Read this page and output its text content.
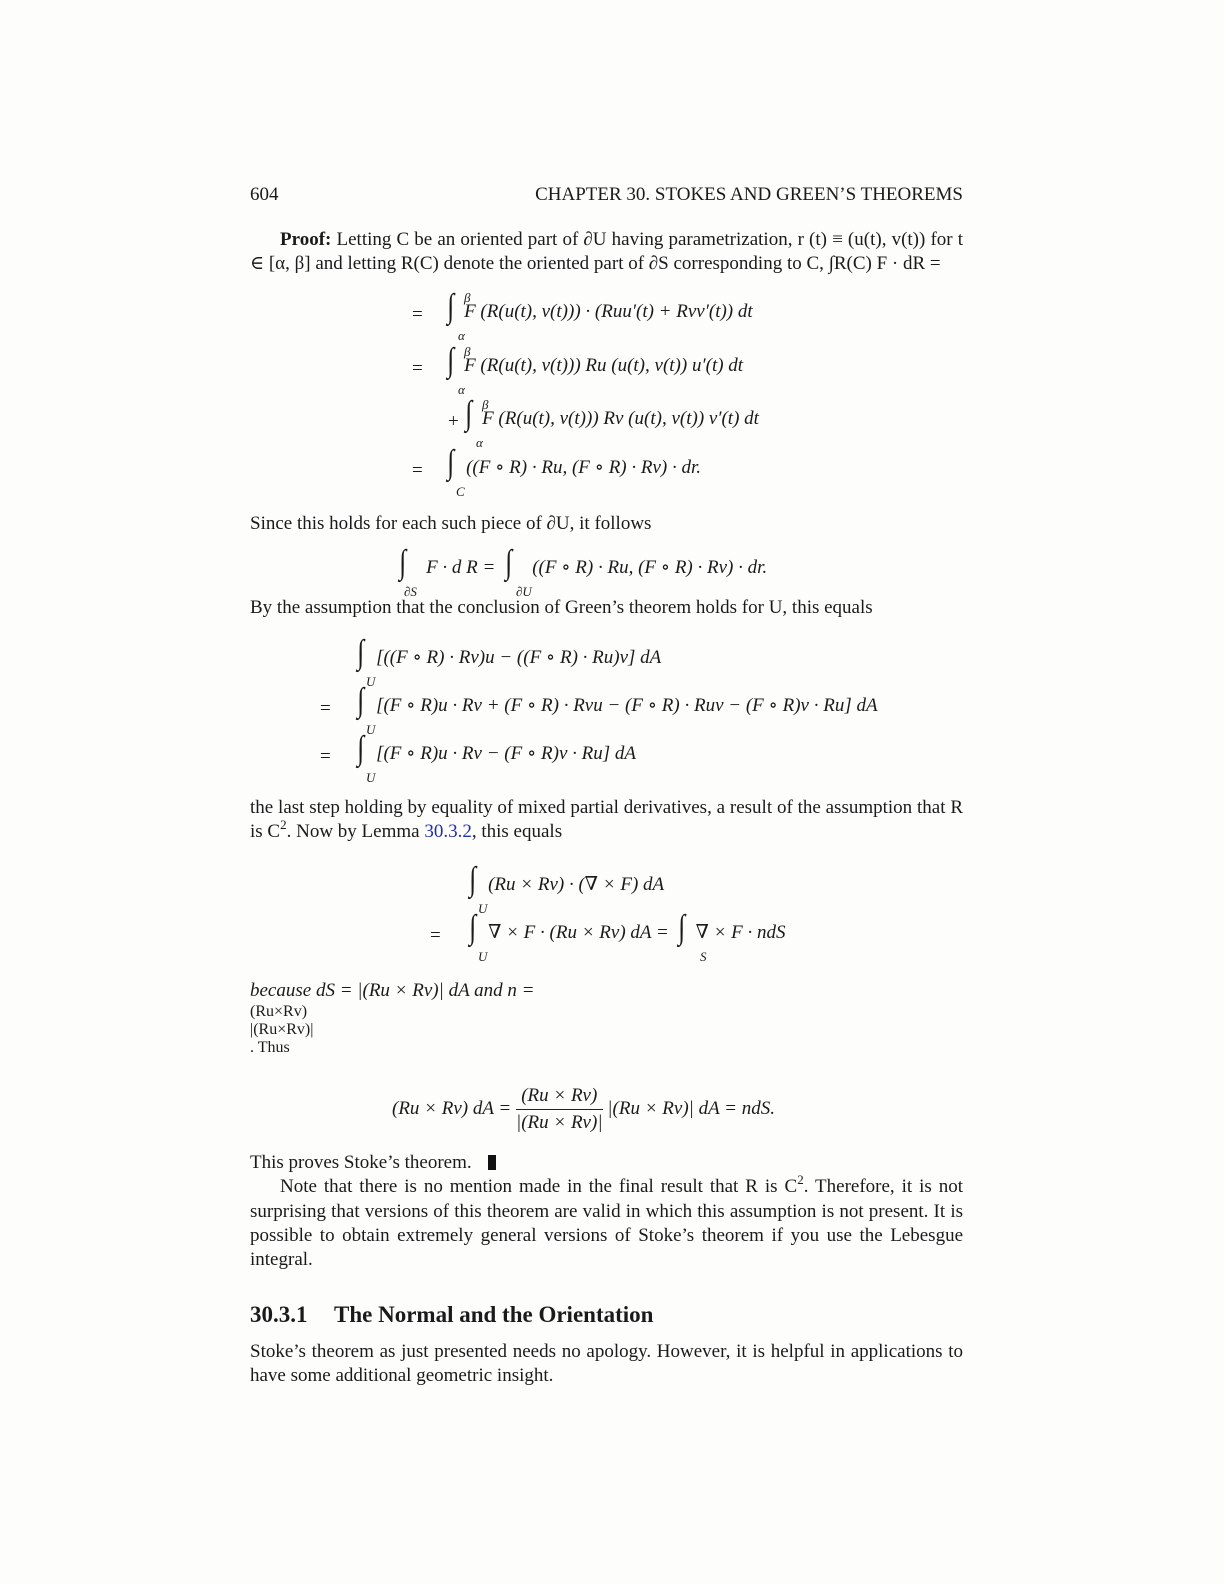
604	CHAPTER 30. STOKES AND GREEN’S THEOREMS

Proof: Letting C be an oriented part of ∂U having parametrization, r (t) ≡ (u(t), v(t)) for t ∈ [α, β] and letting R(C) denote the oriented part of ∂S corresponding to C, ∫R(C) F · dR =

= ∫
α
β
F (R(u(t), v(t))) · (Ruu′(t) + Rvv′(t)) dt
= ∫
α
β
F (R(u(t), v(t))) Ru (u(t), v(t)) u′(t) dt
+ ∫
α
β
F (R(u(t), v(t))) Rv (u(t), v(t)) v′(t) dt
= ∫
C
((F ∘ R) · Ru, (F ∘ R) · Rv) · dr.

Since this holds for each such piece of ∂U, it follows

∫
∂S
F · d R = ∫
∂U
((F ∘ R) · Ru, (F ∘ R) · Rv) · dr.

By the assumption that the conclusion of Green’s theorem holds for U, this equals

∫
U
[((F ∘ R) · Rv)u − ((F ∘ R) · Ru)v] dA
= ∫
U
[(F ∘ R)u · Rv + (F ∘ R) · Rvu − (F ∘ R) · Ruv − (F ∘ R)v · Ru] dA
= ∫
U
[(F ∘ R)u · Rv − (F ∘ R)v · Ru] dA

the last step holding by equality of mixed partial derivatives, a result of the assumption that R is $C^2$. Now by Lemma 30.3.2, this equals

∫
U
(Ru × Rv) · (∇ × F) dA
= ∫
U
∇ × F · (Ru × Rv) dA = ∫
S
∇ × F · ndS

because dS = |(Ru × Rv)| dA and n =

(Ru×Rv)
|(Ru×Rv)|
. Thus

(Ru × Rv) dA = $\frac{(Ru \times Rv)}{|(Ru \times Rv)|} |(Ru \times Rv)|$ dA = ndS.

This proves Stoke’s theorem.

Note that there is no mention made in the final result that R is $C^2$. Therefore, it is not surprising that versions of this theorem are valid in which this assumption is not present. It is possible to obtain extremely general versions of Stoke’s theorem if you use the Lebesgue integral.

30.3.1 The Normal and the Orientation

Stoke’s theorem as just presented needs no apology. However, it is helpful in applications to have some additional geometric insight.
